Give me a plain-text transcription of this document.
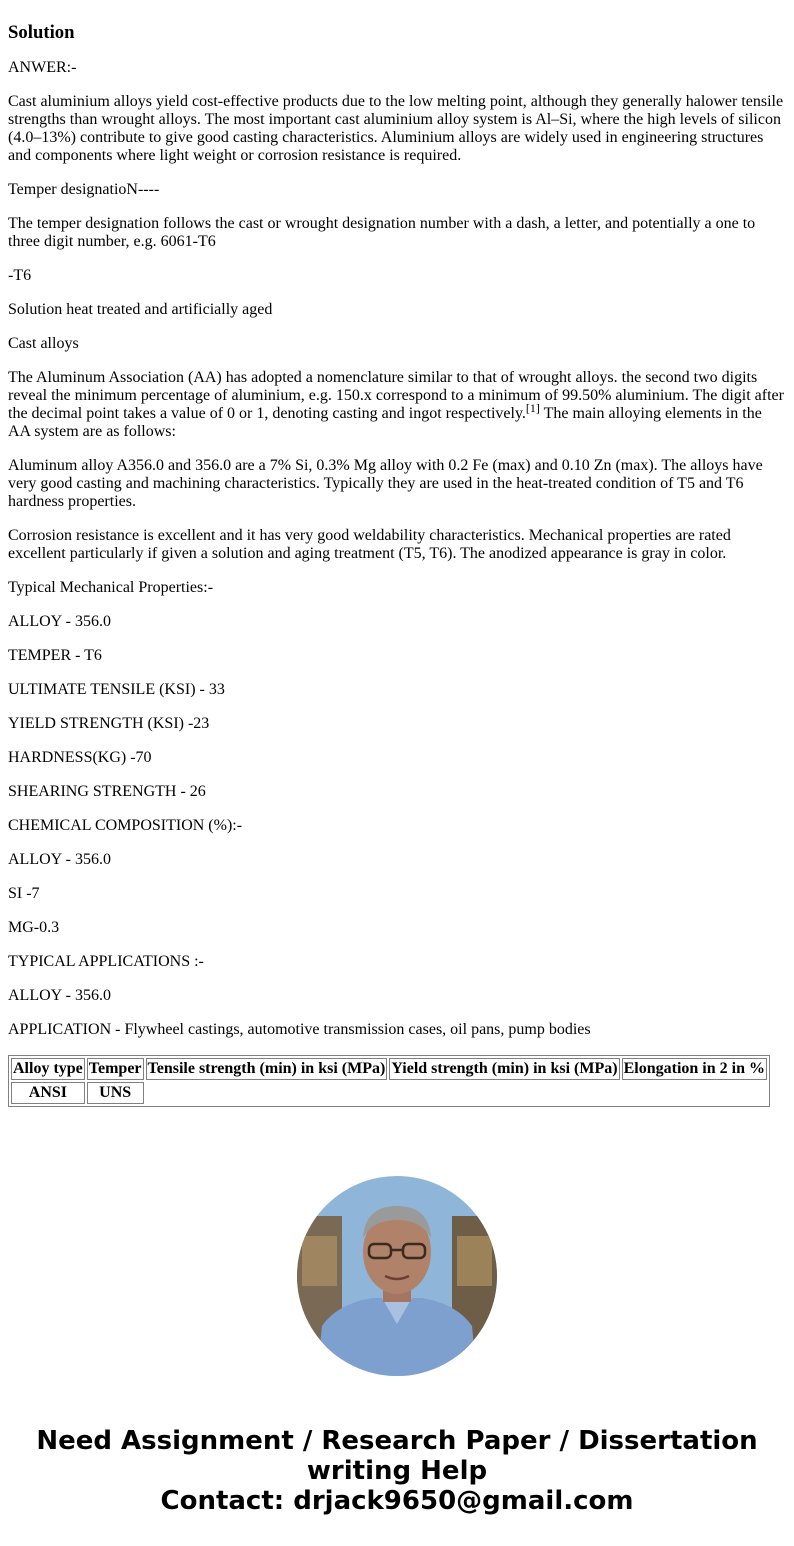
Solution

ANWER:-

Cast aluminium alloys yield cost-effective products due to the low melting point, although they generally halower tensile strengths than wrought alloys. The most important cast aluminium alloy system is Al–Si, where the high levels of silicon (4.0–13%) contribute to give good casting characteristics. Aluminium alloys are widely used in engineering structures and components where light weight or corrosion resistance is required.

Temper designatioN----

The temper designation follows the cast or wrought designation number with a dash, a letter, and potentially a one to three digit number, e.g. 6061-T6

-T6

Solution heat treated and artificially aged

Cast alloys

The Aluminum Association (AA) has adopted a nomenclature similar to that of wrought alloys. the second two digits reveal the minimum percentage of aluminium, e.g. 150.x correspond to a minimum of 99.50% aluminium. The digit after the decimal point takes a value of 0 or 1, denoting casting and ingot respectively.[1] The main alloying elements in the AA system are as follows:

Aluminum alloy A356.0 and 356.0 are a 7% Si, 0.3% Mg alloy with 0.2 Fe (max) and 0.10 Zn (max). The alloys have very good casting and machining characteristics. Typically they are used in the heat-treated condition of T5 and T6 hardness properties.

Corrosion resistance is excellent and it has very good weldability characteristics. Mechanical properties are rated excellent particularly if given a solution and aging treatment (T5, T6). The anodized appearance is gray in color.

Typical Mechanical Properties:-

ALLOY - 356.0

TEMPER - T6

ULTIMATE TENSILE (KSI) - 33

YIELD STRENGTH (KSI) -23

HARDNESS(KG) -70

SHEARING STRENGTH - 26

CHEMICAL COMPOSITION (%):-

ALLOY - 356.0

SI -7

MG-0.3

TYPICAL APPLICATIONS :-

ALLOY - 356.0

APPLICATION - Flywheel castings, automotive transmission cases, oil pans, pump bodies

Alloy type	Temper	Tensile strength (min) in ksi (MPa)	Yield strength (min) in ksi (MPa)	Elongation in 2 in %
ANSI	UNS			
Need Assignment / Research Paper / Dissertation
writing Help
Contact: drjack9650@gmail.com
